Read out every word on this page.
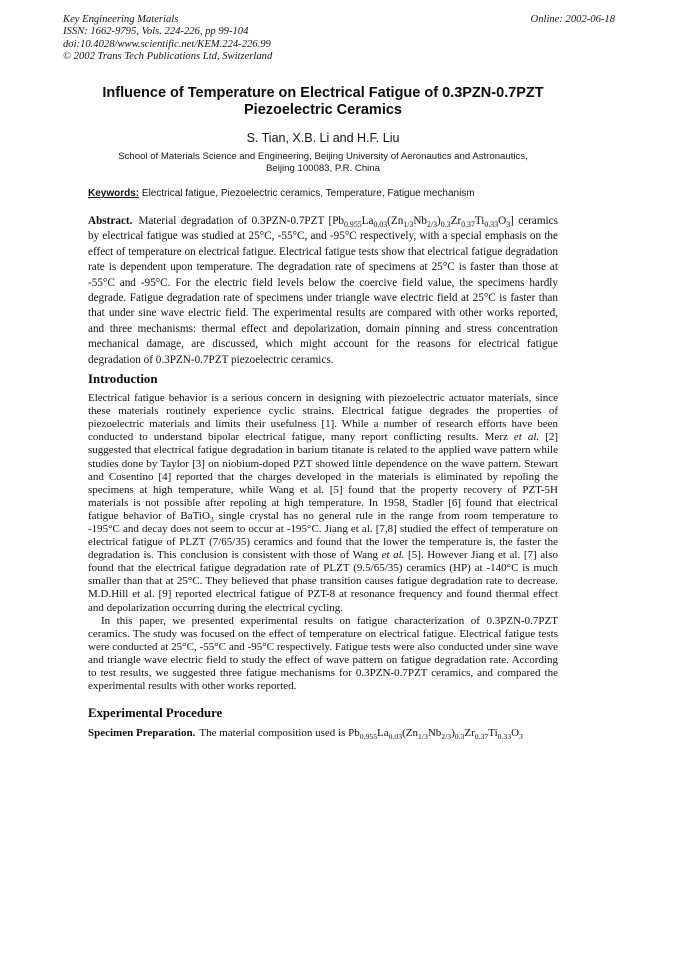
Key Engineering Materials
ISSN: 1662-9795, Vols. 224-226, pp 99-104
doi:10.4028/www.scientific.net/KEM.224-226.99
© 2002 Trans Tech Publications Ltd, Switzerland
Online: 2002-06-18
Influence of Temperature on Electrical Fatigue of 0.3PZN-0.7PZT
Piezoelectric Ceramics
S. Tian, X.B. Li and H.F. Liu
School of Materials Science and Engineering, Beijing University of Aeronautics and Astronautics,
Beijing 100083, P.R. China
Keywords: Electrical fatigue, Piezoelectric ceramics, Temperature, Fatigue mechanism

Abstract. Material degradation of 0.3PZN-0.7PZT $[Pb_{0.955}La_{0.03}(Zn_{1/3}Nb_{2/3})_{0.3}Zr_{0.37}Ti_{0.33}O_3]$ ceramics by electrical fatigue was studied at 25°C, -55°C, and -95°C respectively, with a special emphasis on the effect of temperature on electrical fatigue. Electrical fatigue tests show that electrical fatigue degradation rate is dependent upon temperature. The degradation rate of specimens at 25°C is faster than those at -55°C and -95°C. For the electric field levels below the coercive field value, the specimens hardly degrade. Fatigue degradation rate of specimens under triangle wave electric field at 25°C is faster than that under sine wave electric field. The experimental results are compared with other works reported, and three mechanisms: thermal effect and depolarization, domain pinning and stress concentration mechanical damage, are discussed, which might account for the reasons for electrical fatigue degradation of 0.3PZN-0.7PZT piezoelectric ceramics.

Introduction

Electrical fatigue behavior is a serious concern in designing with piezoelectric actuator materials, since these materials routinely experience cyclic strains. Electrical fatigue degrades the properties of piezoelectric materials and limits their usefulness [1]. While a number of research efforts have been conducted to understand bipolar electrical fatigue, many report conflicting results. Merz et al. [2] suggested that electrical fatigue degradation in barium titanate is related to the applied wave pattern while studies done by Taylor [3] on niobium-doped PZT showed little dependence on the wave pattern. Stewart and Cosentino [4] reported that the charges developed in the materials is eliminated by repoling the specimens at high temperature, while Wang et al. [5] found that the property recovery of PZT-5H materials is not possible after repoling at high temperature. In 1958, Stadler [6] found that electrical fatigue behavior of BaTiO$_3$ single crystal has no general rule in the range from room temperature to -195°C and decay does not seem to occur at -195°C. Jiang et al. [7,8] studied the effect of temperature on electrical fatigue of PLZT (7/65/35) ceramics and found that the lower the temperature is, the faster the degradation is. This conclusion is consistent with those of Wang et al. [5]. However Jiang et al. [7] also found that the electrical fatigue degradation rate of PLZT (9.5/65/35) ceramics (HP) at -140°C is much smaller than that at 25°C. They believed that phase transition causes fatigue degradation rate to decrease. M.D.Hill et al. [9] reported electrical fatigue of PZT-8 at resonance frequency and found thermal effect and depolarization occurring during the electrical cycling.

In this paper, we presented experimental results on fatigue characterization of 0.3PZN-0.7PZT ceramics. The study was focused on the effect of temperature on electrical fatigue. Electrical fatigue tests were conducted at 25°C, -55°C and -95°C respectively. Fatigue tests were also conducted under sine wave and triangle wave electric field to study the effect of wave pattern on fatigue degradation rate. According to test results, we suggested three fatigue mechanisms for 0.3PZN-0.7PZT ceramics, and compared the experimental results with other works reported.

Experimental Procedure

Specimen Preparation. The material composition used is $Pb_{0.955}La_{0.03}(Zn_{1/3}Nb_{2/3})_{0.3}Zr_{0.37}Ti_{0.33}O_3$
